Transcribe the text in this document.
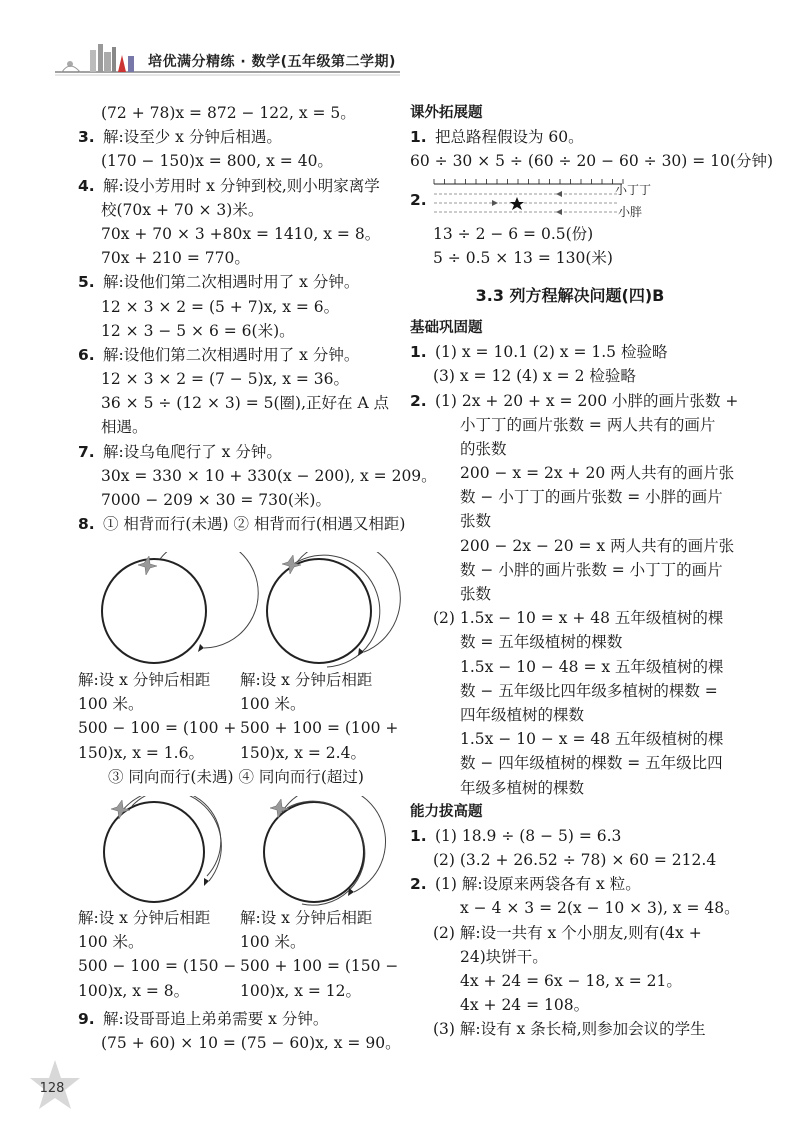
培优满分精练 · 数学(五年级第二学期)
(72 + 78)x = 872 − 122, x = 5。
3. 解:设至少 x 分钟后相遇。
(170 − 150)x = 800, x = 40。
4. 解:设小芳用时 x 分钟到校,则小明家离学
校(70x + 70 × 3)米。
70x + 70 × 3 +80x = 1410, x = 8。
70x + 210 = 770。
5. 解:设他们第二次相遇时用了 x 分钟。
12 × 3 × 2 = (5 + 7)x, x = 6。
12 × 3 − 5 × 6 = 6(米)。
6. 解:设他们第二次相遇时用了 x 分钟。
12 × 3 × 2 = (7 − 5)x, x = 36。
36 × 5 ÷ (12 × 3) = 5(圈),正好在 A 点
相遇。
7. 解:设乌龟爬行了 x 分钟。
30x = 330 × 10 + 330(x − 200), x = 209。
7000 − 209 × 30 = 730(米)。
8. ① 相背而行(未遇) ② 相背而行(相遇又相距)
解:设 x 分钟后相距
100 米。
500 − 100 = (100 +
150)x, x = 1.6。
解:设 x 分钟后相距
100 米。
500 + 100 = (100 +
150)x, x = 2.4。
③ 同向而行(未遇) ④ 同向而行(超过)
解:设 x 分钟后相距
100 米。
500 − 100 = (150 −
100)x, x = 8。
解:设 x 分钟后相距
100 米。
500 + 100 = (150 −
100)x, x = 12。
9. 解:设哥哥追上弟弟需要 x 分钟。
(75 + 60) × 10 = (75 − 60)x, x = 90。
课外拓展题
1. 把总路程假设为 60。
60 ÷ 30 × 5 ÷ (60 ÷ 20 − 60 ÷ 30) = 10(分钟)
2.
小丁丁
小胖
13 ÷ 2 − 6 = 0.5(份)
5 ÷ 0.5 × 13 = 130(米)
3.3 列方程解决问题(四)B
基础巩固题
1. (1) x = 10.1 (2) x = 1.5 检验略
(3) x = 12 (4) x = 2 检验略
2. (1) 2x + 20 + x = 200 小胖的画片张数 +
小丁丁的画片张数 = 两人共有的画片
的张数
200 − x = 2x + 20 两人共有的画片张
数 − 小丁丁的画片张数 = 小胖的画片
张数
200 − 2x − 20 = x 两人共有的画片张
数 − 小胖的画片张数 = 小丁丁的画片
张数
(2) 1.5x − 10 = x + 48 五年级植树的棵
数 = 五年级植树的棵数
1.5x − 10 − 48 = x 五年级植树的棵
数 − 五年级比四年级多植树的棵数 =
四年级植树的棵数
1.5x − 10 − x = 48 五年级植树的棵
数 − 四年级植树的棵数 = 五年级比四
年级多植树的棵数
能力拔高题
1. (1) 18.9 ÷ (8 − 5) = 6.3
(2) (3.2 + 26.52 ÷ 78) × 60 = 212.4
2. (1) 解:设原来两袋各有 x 粒。
x − 4 × 3 = 2(x − 10 × 3), x = 48。
(2) 解:设一共有 x 个小朋友,则有(4x +
24)块饼干。
4x + 24 = 6x − 18, x = 21。
4x + 24 = 108。
(3) 解:设有 x 条长椅,则参加会议的学生
128
